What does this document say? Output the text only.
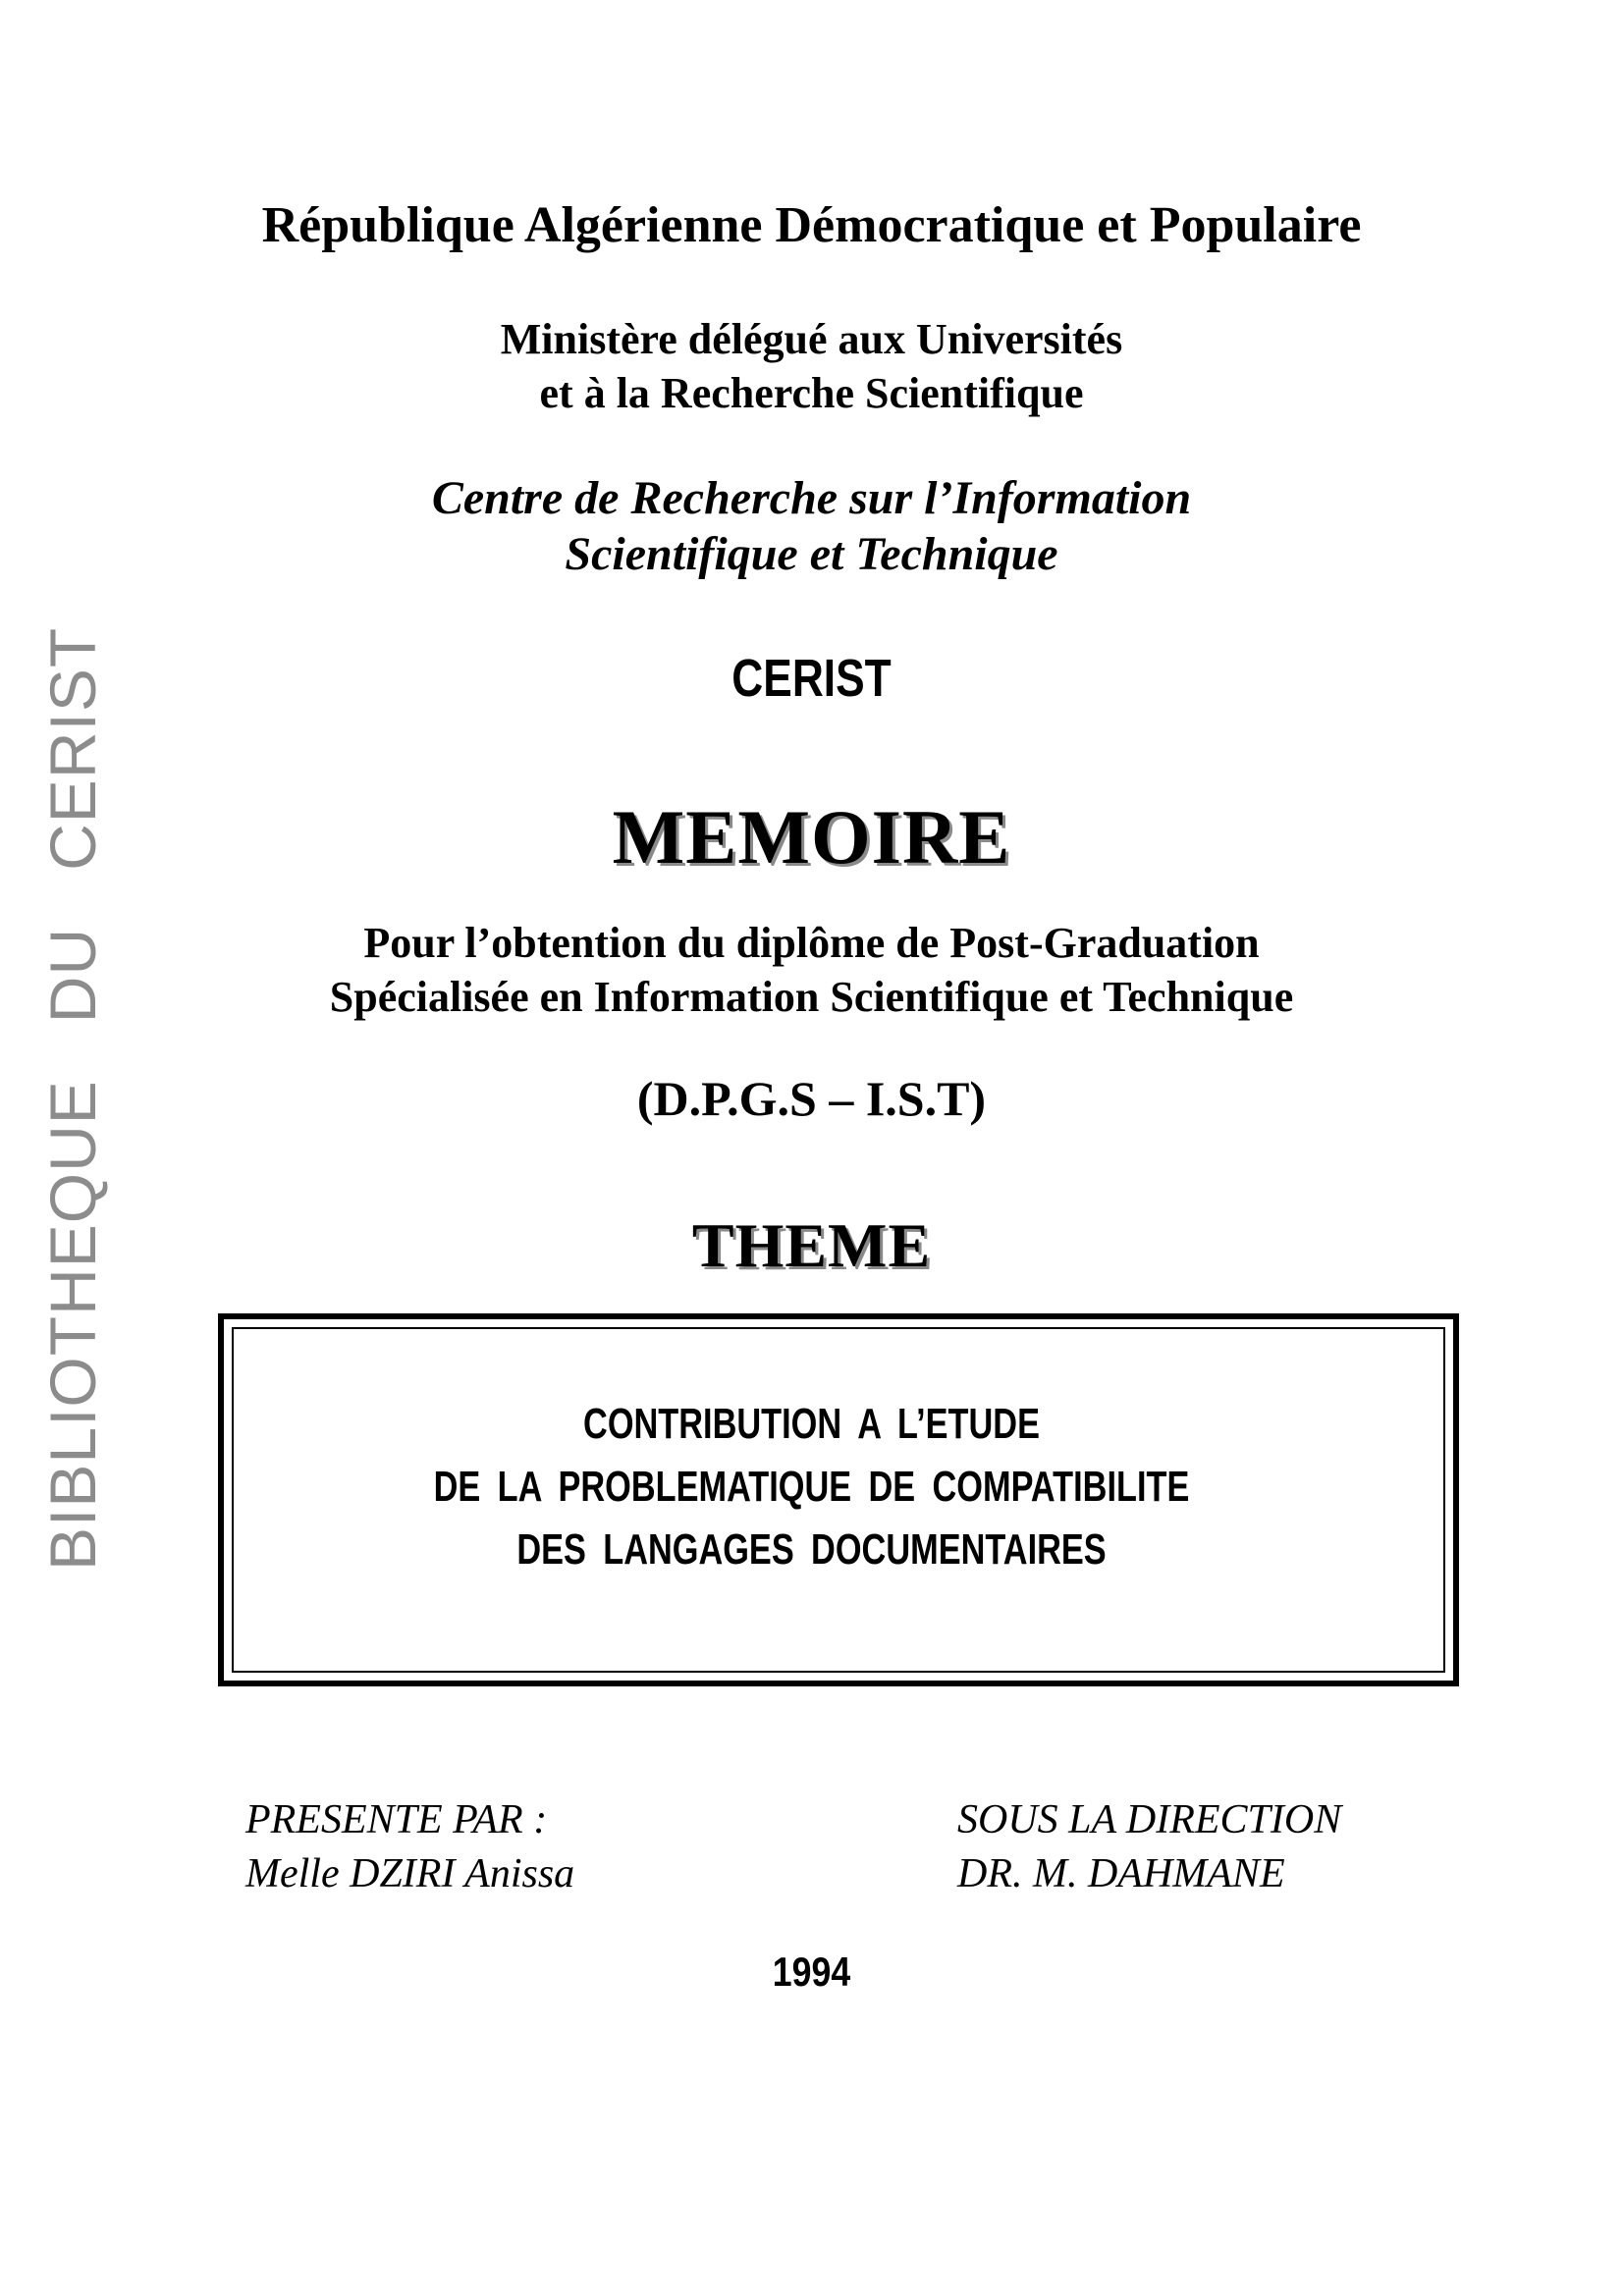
BIBLIOTHEQUE   DU   CERIST

République Algérienne Démocratique et Populaire

Ministère délégué aux Universités

et à la Recherche Scientifique

Centre de Recherche sur l’Information

Scientifique et Technique

CERIST

MEMOIRE

Pour l’obtention du diplôme de Post-Graduation

Spécialisée en Information Scientifique et Technique

(D.P.G.S – I.S.T)

THEME

CONTRIBUTION A L’ETUDE

DE LA PROBLEMATIQUE DE COMPATIBILITE

DES LANGAGES DOCUMENTAIRES

PRESENTE PAR :

Melle DZIRI Anissa

SOUS LA DIRECTION

DR. M. DAHMANE

1994
